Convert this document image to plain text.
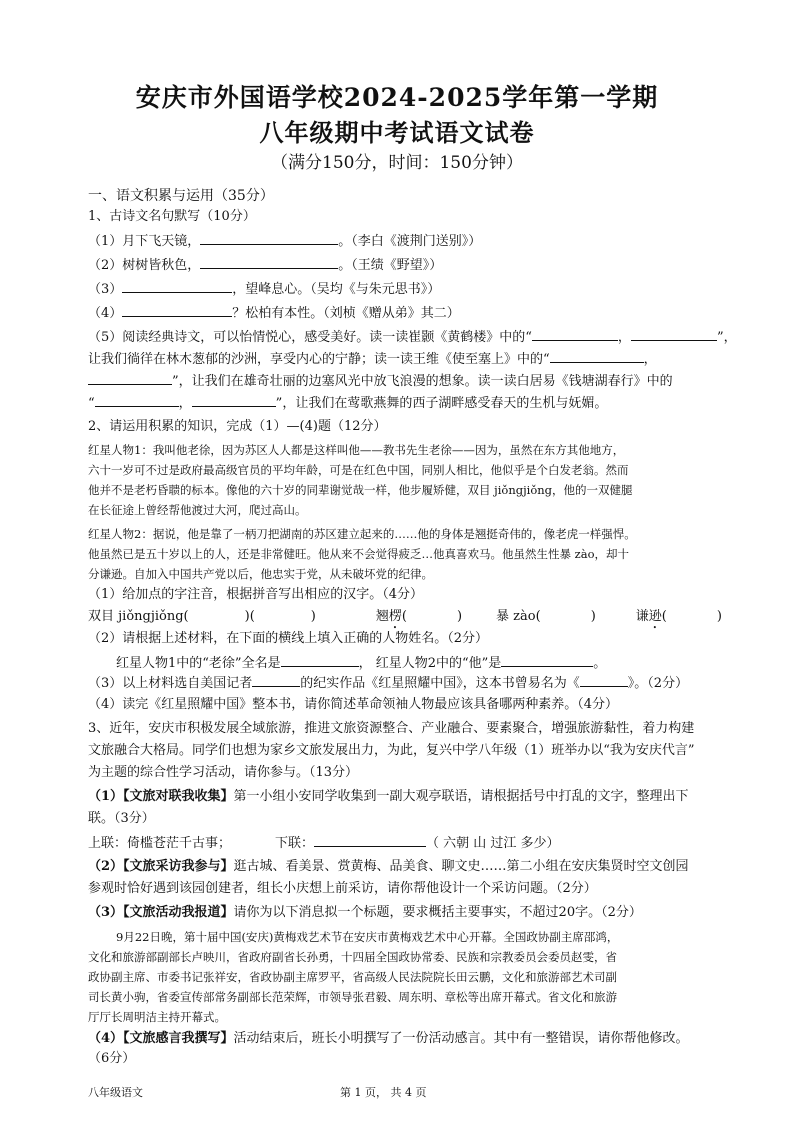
安庆市外国语学校2024-2025学年第一学期
八年级期中考试语文试卷
（满分150分，时间：150分钟）
一、语文积累与运用（35分）
1、古诗文名句默写（10分）
（1）月下飞天镜，	。（李白《渡荆门送别》）
（2）树树皆秋色，	。（王绩《野望》）
（3）	，望峰息心。（吴均《与朱元思书》）
（4）	？松柏有本性。（刘桢《赠从弟》其二）
（5）阅读经典诗文，可以怡情悦心，感受美好。读一读崔颢《黄鹤楼》中的“	，	”，
让我们徜徉在林木葱郁的沙洲，享受内心的宁静；读一读王维《使至塞上》中的“	，
”，让我们在雄奇壮丽的边塞风光中放飞浪漫的想象。读一读白居易《钱塘湖春行》中的
“	，	”，让我们在莺歌燕舞的西子湖畔感受春天的生机与妩媚。
2、请运用积累的知识，完成（1）—(4)题（12分）
红星人物1：我叫他老徐，因为苏区人人都是这样叫他——教书先生老徐——因为，虽然在东方其他地方，
六十一岁可不过是政府最高级官员的平均年龄，可是在红色中国，同别人相比，他似乎是个白发老翁。然而
他并不是老朽昏聩的标本。像他的六十岁的同辈谢觉哉一样，他步履矫健，双目 jiǒngjiǒng，他的一双健腿
在长征途上曾经帮他渡过大河，爬过高山。
红星人物2：据说，他是靠了一柄刀把湖南的苏区建立起来的……他的身体是翘挺奇伟的，像老虎一样强悍。
他虽然已是五十岁以上的人，还是非常健旺。他从来不会觉得疲乏…他真喜欢马。他虽然生性暴 zào，却十
分谦逊。自加入中国共产党以后，他忠实于党，从未破坏党的纪律。
（1）给加点的字注音，根据拼音写出相应的汉字。（4分）
双目 jiǒngjiǒng(	)(	)	翘楞(	)	暴 zào(	)	谦逊(	)
（2）请根据上述材料，在下面的横线上填入正确的人物姓名。（2分）
红星人物1中的“老徐”全名是	， 红星人物2中的“他”是	。
（3）以上材料选自美国记者	的纪实作品《红星照耀中国》，这本书曾易名为《	》。（2分）
（4）读完《红星照耀中国》整本书，请你简述革命领袖人物最应该具备哪两种素养。（4分）
3、近年，安庆市积极发展全域旅游，推进文旅资源整合、产业融合、要素聚合，增强旅游黏性，着力构建
文旅融合大格局。同学们也想为家乡文旅发展出力，为此，复兴中学八年级（1）班举办以“我为安庆代言”
为主题的综合性学习活动，请你参与。（13分）
（1）【文旅对联我收集】第一小组小安同学收集到一副大观亭联语，请根据括号中打乱的文字，整理出下
联。（3分）
上联：倚槛苍茫千古事；	下联：	（ 六朝 山 过江 多少）
（2）【文旅采访我参与】逛古城、看美景、赏黄梅、品美食、聊文史……第二小组在安庆集贤时空文创园
参观时恰好遇到该园创建者，组长小庆想上前采访，请你帮他设计一个采访问题。（2分）
（3）【文旅活动我报道】请你为以下消息拟一个标题，要求概括主要事实，不超过20字。（2分）
9月22日晚，第十届中国(安庆)黄梅戏艺术节在安庆市黄梅戏艺术中心开幕。全国政协副主席邵鸿，
文化和旅游部副部长卢映川，省政府副省长孙勇，十四届全国政协常委、民族和宗教委员会委员赵雯，省
政协副主席、市委书记张祥安，省政协副主席罗平，省高级人民法院院长田云鹏，文化和旅游部艺术司副
司长黄小驹，省委宣传部常务副部长范荣辉，市领导张君毅、周东明、章松等出席开幕式。省文化和旅游
厅厅长周明洁主持开幕式。
（4）【文旅感言我撰写】活动结束后，班长小明撰写了一份活动感言。其中有一整错误，请你帮他修改。
（6分）
八年级语文	第 1 页， 共 4 页
